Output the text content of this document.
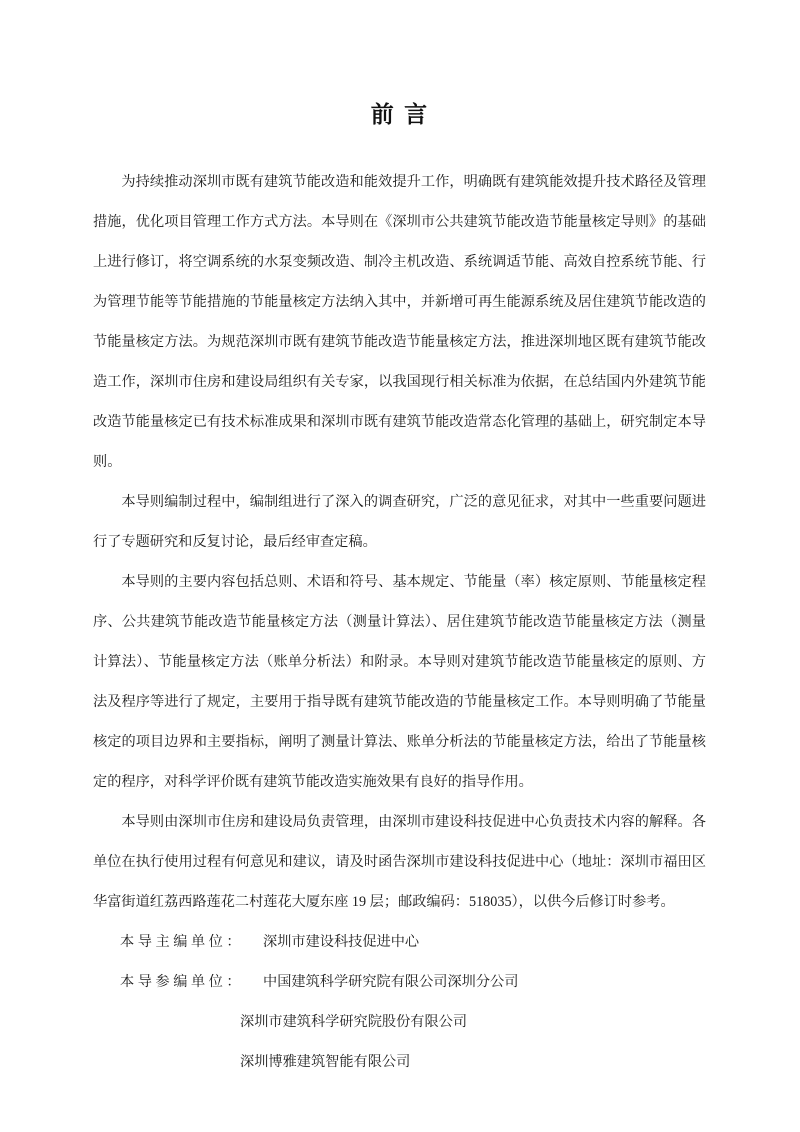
前 言

为持续推动深圳市既有建筑节能改造和能效提升工作，明确既有建筑能效提升技术路径及管理措施，优化项目管理工作方式方法。本导则在《深圳市公共建筑节能改造节能量核定导则》的基础上进行修订，将空调系统的水泵变频改造、制冷主机改造、系统调适节能、高效自控系统节能、行为管理节能等节能措施的节能量核定方法纳入其中，并新增可再生能源系统及居住建筑节能改造的节能量核定方法。为规范深圳市既有建筑节能改造节能量核定方法，推进深圳地区既有建筑节能改造工作，深圳市住房和建设局组织有关专家，以我国现行相关标准为依据，在总结国内外建筑节能改造节能量核定已有技术标准成果和深圳市既有建筑节能改造常态化管理的基础上，研究制定本导则。

本导则编制过程中，编制组进行了深入的调查研究，广泛的意见征求，对其中一些重要问题进行了专题研究和反复讨论，最后经审查定稿。

本导则的主要内容包括总则、术语和符号、基本规定、节能量（率）核定原则、节能量核定程序、公共建筑节能改造节能量核定方法（测量计算法）、居住建筑节能改造节能量核定方法（测量计算法）、节能量核定方法（账单分析法）和附录。本导则对建筑节能改造节能量核定的原则、方法及程序等进行了规定，主要用于指导既有建筑节能改造的节能量核定工作。本导则明确了节能量核定的项目边界和主要指标，阐明了测量计算法、账单分析法的节能量核定方法，给出了节能量核定的程序，对科学评价既有建筑节能改造实施效果有良好的指导作用。

本导则由深圳市住房和建设局负责管理，由深圳市建设科技促进中心负责技术内容的解释。各单位在执行使用过程有何意见和建议，请及时函告深圳市建设科技促进中心（地址：深圳市福田区华富街道红荔西路莲花二村莲花大厦东座 19 层；邮政编码：518035），以供今后修订时参考。

本 导 主 编 单 位 ： 深圳市建设科技促进中心
本 导 参 编 单 位 ： 中国建筑科学研究院有限公司深圳分公司
深圳市建筑科学研究院股份有限公司
深圳博雅建筑智能有限公司
